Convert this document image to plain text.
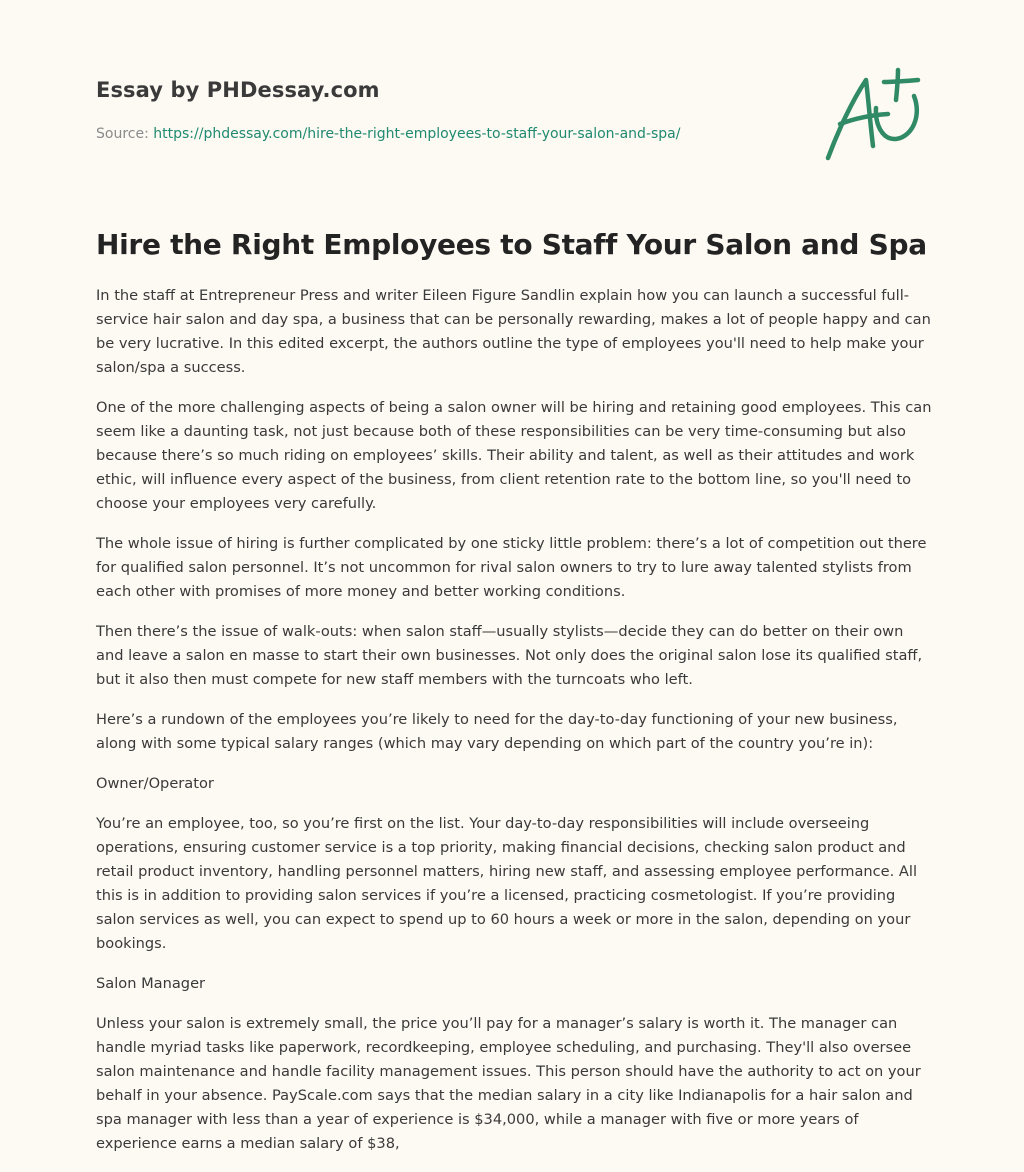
Essay by PHDessay.com
Source: https://phdessay.com/hire-the-right-employees-to-staff-your-salon-and-spa/
Hire the Right Employees to Staff Your Salon and Spa

In the staff at Entrepreneur Press and writer Eileen Figure Sandlin explain how you can launch a successful full-service hair salon and day spa, a business that can be personally rewarding, makes a lot of people happy and can be very lucrative. In this edited excerpt, the authors outline the type of employees you'll need to help make your salon/spa a success.

One of the more challenging aspects of being a salon owner will be hiring and retaining good employees. This can seem like a daunting task, not just because both of these responsibilities can be very time-consuming but also because there’s so much riding on employees’ skills. Their ability and talent, as well as their attitudes and work ethic, will influence every aspect of the business, from client retention rate to the bottom line, so you'll need to choose your employees very carefully.

The whole issue of hiring is further complicated by one sticky little problem: there’s a lot of competition out there for qualified salon personnel. It’s not uncommon for rival salon owners to try to lure away talented stylists from each other with promises of more money and better working conditions.

Then there’s the issue of walk-outs: when salon staff—usually stylists—decide they can do better on their own and leave a salon en masse to start their own businesses. Not only does the original salon lose its qualified staff, but it also then must compete for new staff members with the turncoats who left.

Here’s a rundown of the employees you’re likely to need for the day-to-day functioning of your new business, along with some typical salary ranges (which may vary depending on which part of the country you’re in):

Owner/Operator

You’re an employee, too, so you’re first on the list. Your day-to-day responsibilities will include overseeing operations, ensuring customer service is a top priority, making financial decisions, checking salon product and retail product inventory, handling personnel matters, hiring new staff, and assessing employee performance. All this is in addition to providing salon services if you’re a licensed, practicing cosmetologist. If you’re providing salon services as well, you can expect to spend up to 60 hours a week or more in the salon, depending on your bookings.

Salon Manager

Unless your salon is extremely small, the price you’ll pay for a manager’s salary is worth it. The manager can handle myriad tasks like paperwork, recordkeeping, employee scheduling, and purchasing. They'll also oversee salon maintenance and handle facility management issues. This person should have the authority to act on your behalf in your absence. PayScale.com says that the median salary in a city like Indianapolis for a hair salon and spa manager with less than a year of experience is $34,000, while a manager with five or more years of experience earns a median salary of $38,
